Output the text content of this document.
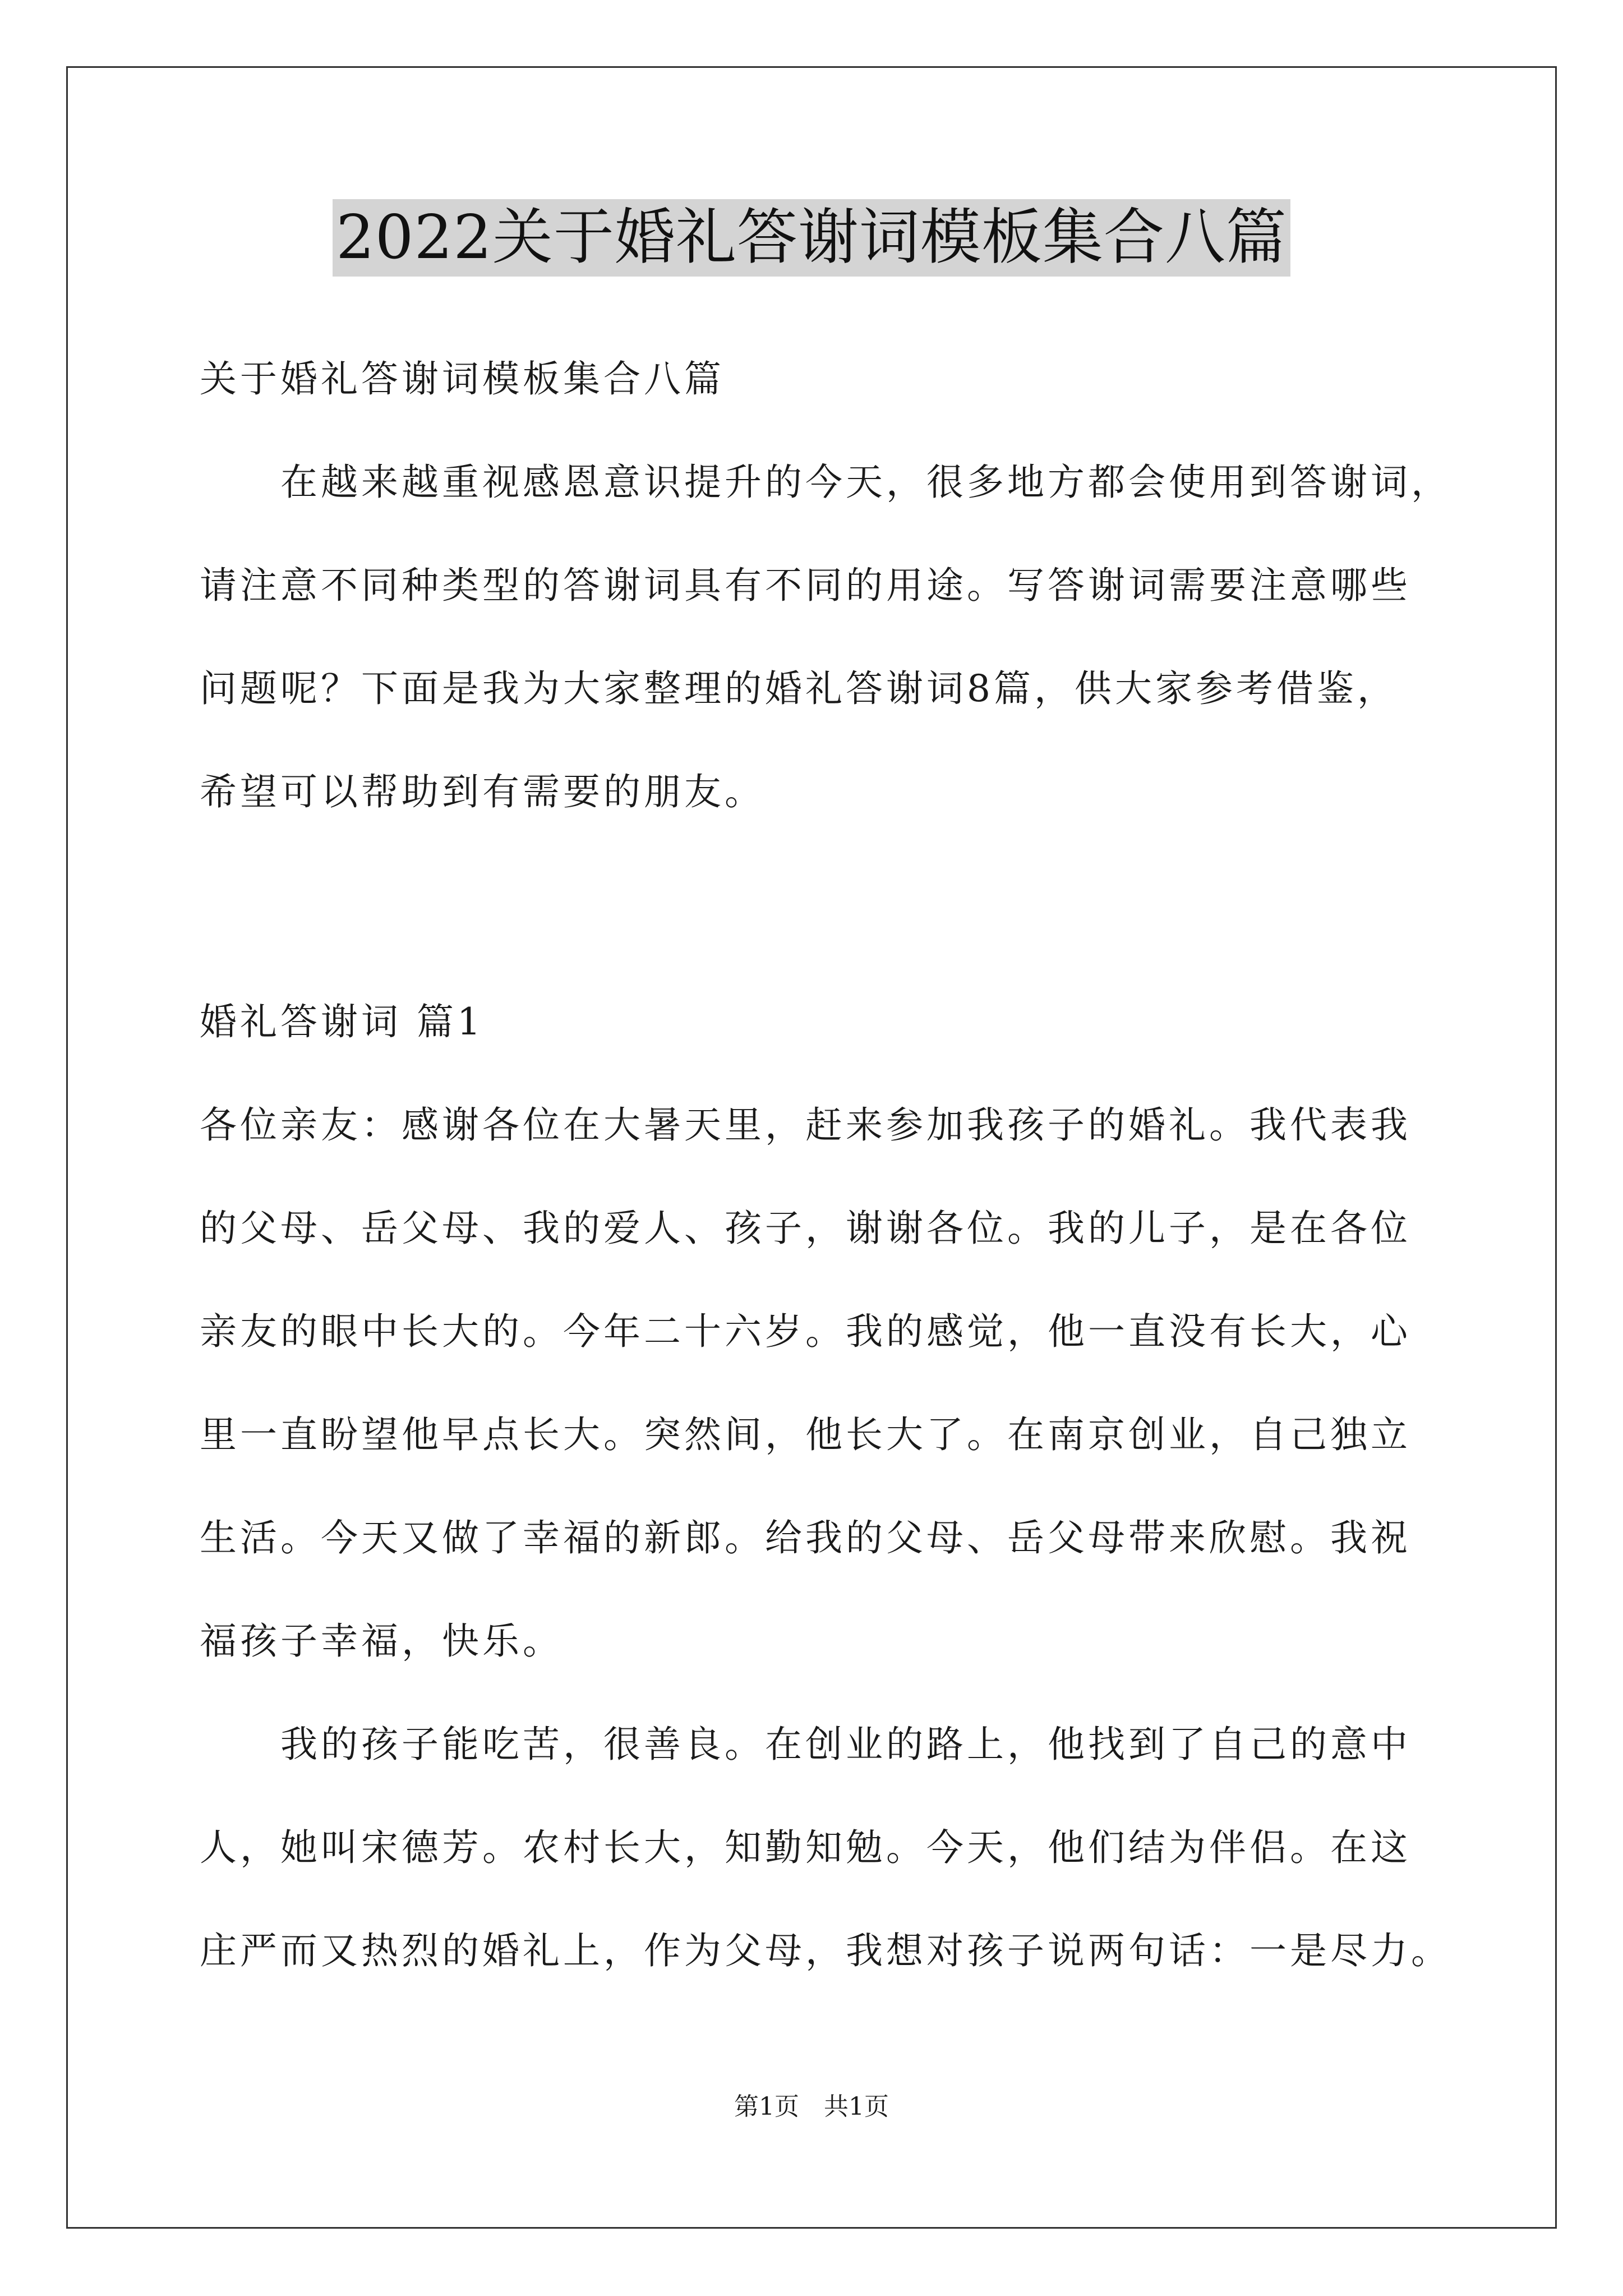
2022关于婚礼答谢词模板集合八篇
关于婚礼答谢词模板集合八篇
　　在越来越重视感恩意识提升的今天，很多地方都会使用到答谢词，
请注意不同种类型的答谢词具有不同的用途。写答谢词需要注意哪些
问题呢？下面是我为大家整理的婚礼答谢词8篇，供大家参考借鉴，
希望可以帮助到有需要的朋友。
婚礼答谢词 篇1
各位亲友：感谢各位在大暑天里，赶来参加我孩子的婚礼。我代表我
的父母、岳父母、我的爱人、孩子，谢谢各位。我的儿子，是在各位
亲友的眼中长大的。今年二十六岁。我的感觉，他一直没有长大，心
里一直盼望他早点长大。突然间，他长大了。在南京创业，自己独立
生活。今天又做了幸福的新郎。给我的父母、岳父母带来欣慰。我祝
福孩子幸福，快乐。
　　我的孩子能吃苦，很善良。在创业的路上，他找到了自己的意中
人，她叫宋德芳。农村长大，知勤知勉。今天，他们结为伴侣。在这
庄严而又热烈的婚礼上，作为父母，我想对孩子说两句话：一是尽力。
第1页　共1页
